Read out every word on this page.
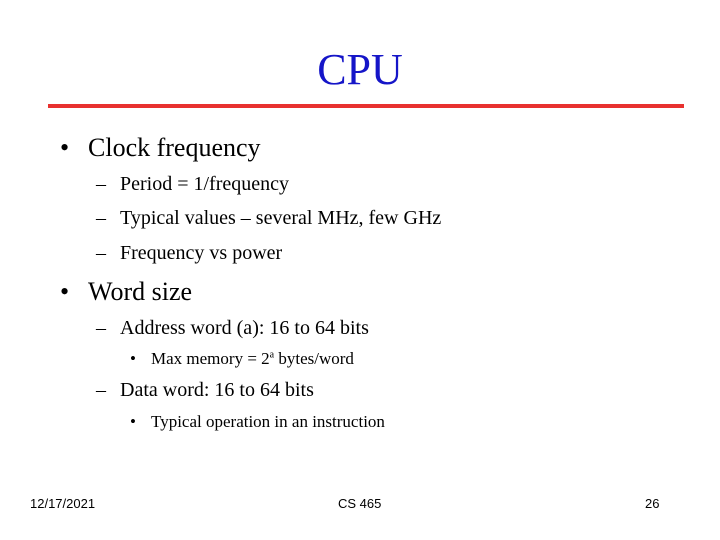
CPU
• Clock frequency
– Period = 1/frequency
– Typical values – several MHz, few GHz
– Frequency vs power
• Word size
– Address word (a): 16 to 64 bits
• Max memory = $2^a$ bytes/word
– Data word: 16 to 64 bits
• Typical operation in an instruction
12/17/2021	CS 465	26
